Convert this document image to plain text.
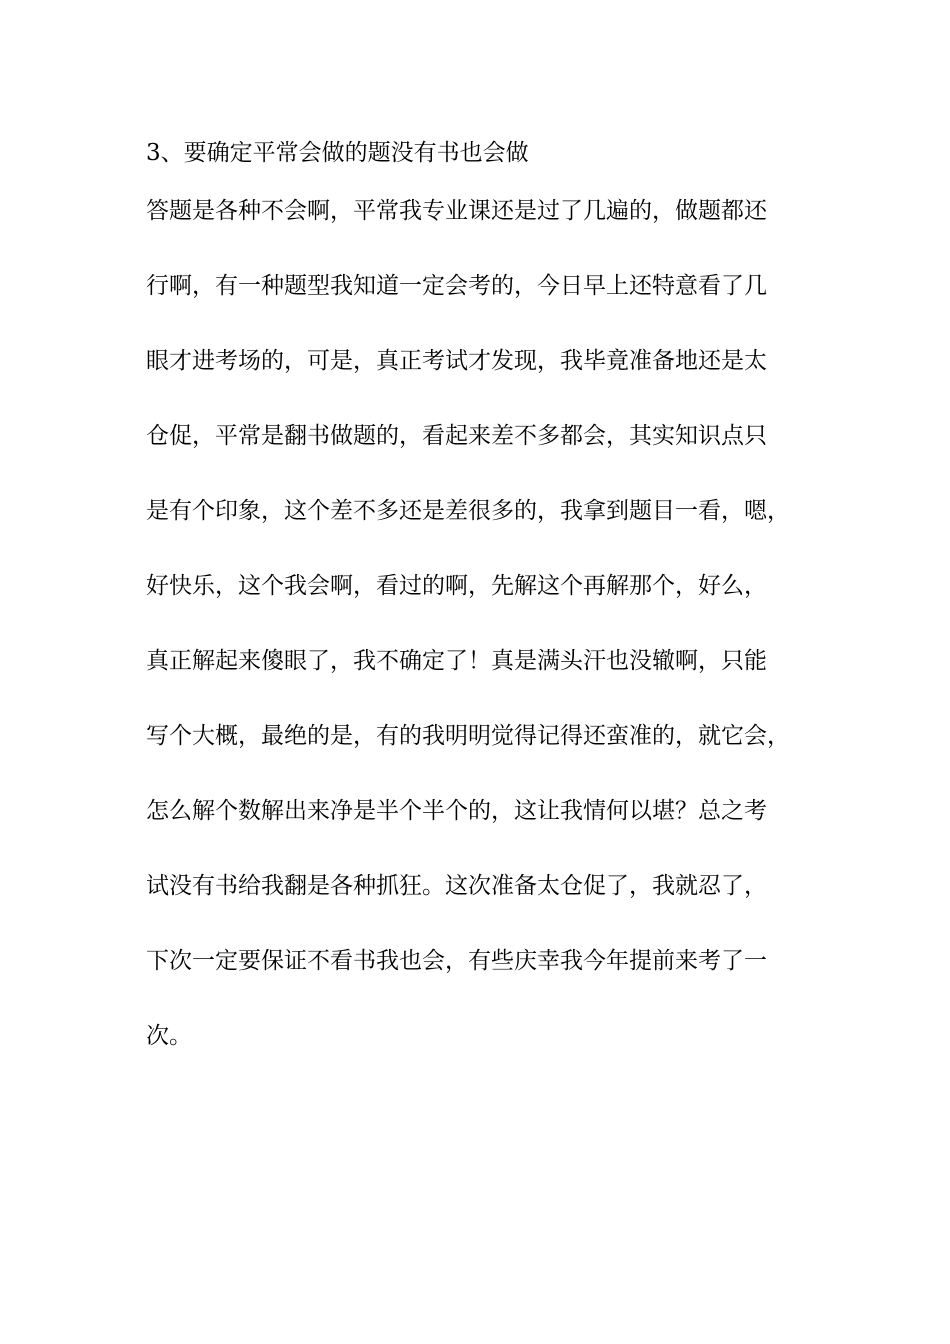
3、要确定平常会做的题没有书也会做
答题是各种不会啊，平常我专业课还是过了几遍的，做题都还
行啊，有一种题型我知道一定会考的，今日早上还特意看了几
眼才进考场的，可是，真正考试才发现，我毕竟准备地还是太
仓促，平常是翻书做题的，看起来差不多都会，其实知识点只
是有个印象，这个差不多还是差很多的，我拿到题目一看，嗯，
好快乐，这个我会啊，看过的啊，先解这个再解那个，好么，
真正解起来傻眼了，我不确定了！真是满头汗也没辙啊，只能
写个大概，最绝的是，有的我明明觉得记得还蛮准的，就它会，
怎么解个数解出来净是半个半个的，这让我情何以堪？总之考
试没有书给我翻是各种抓狂。这次准备太仓促了，我就忍了，
下次一定要保证不看书我也会，有些庆幸我今年提前来考了一
次。
